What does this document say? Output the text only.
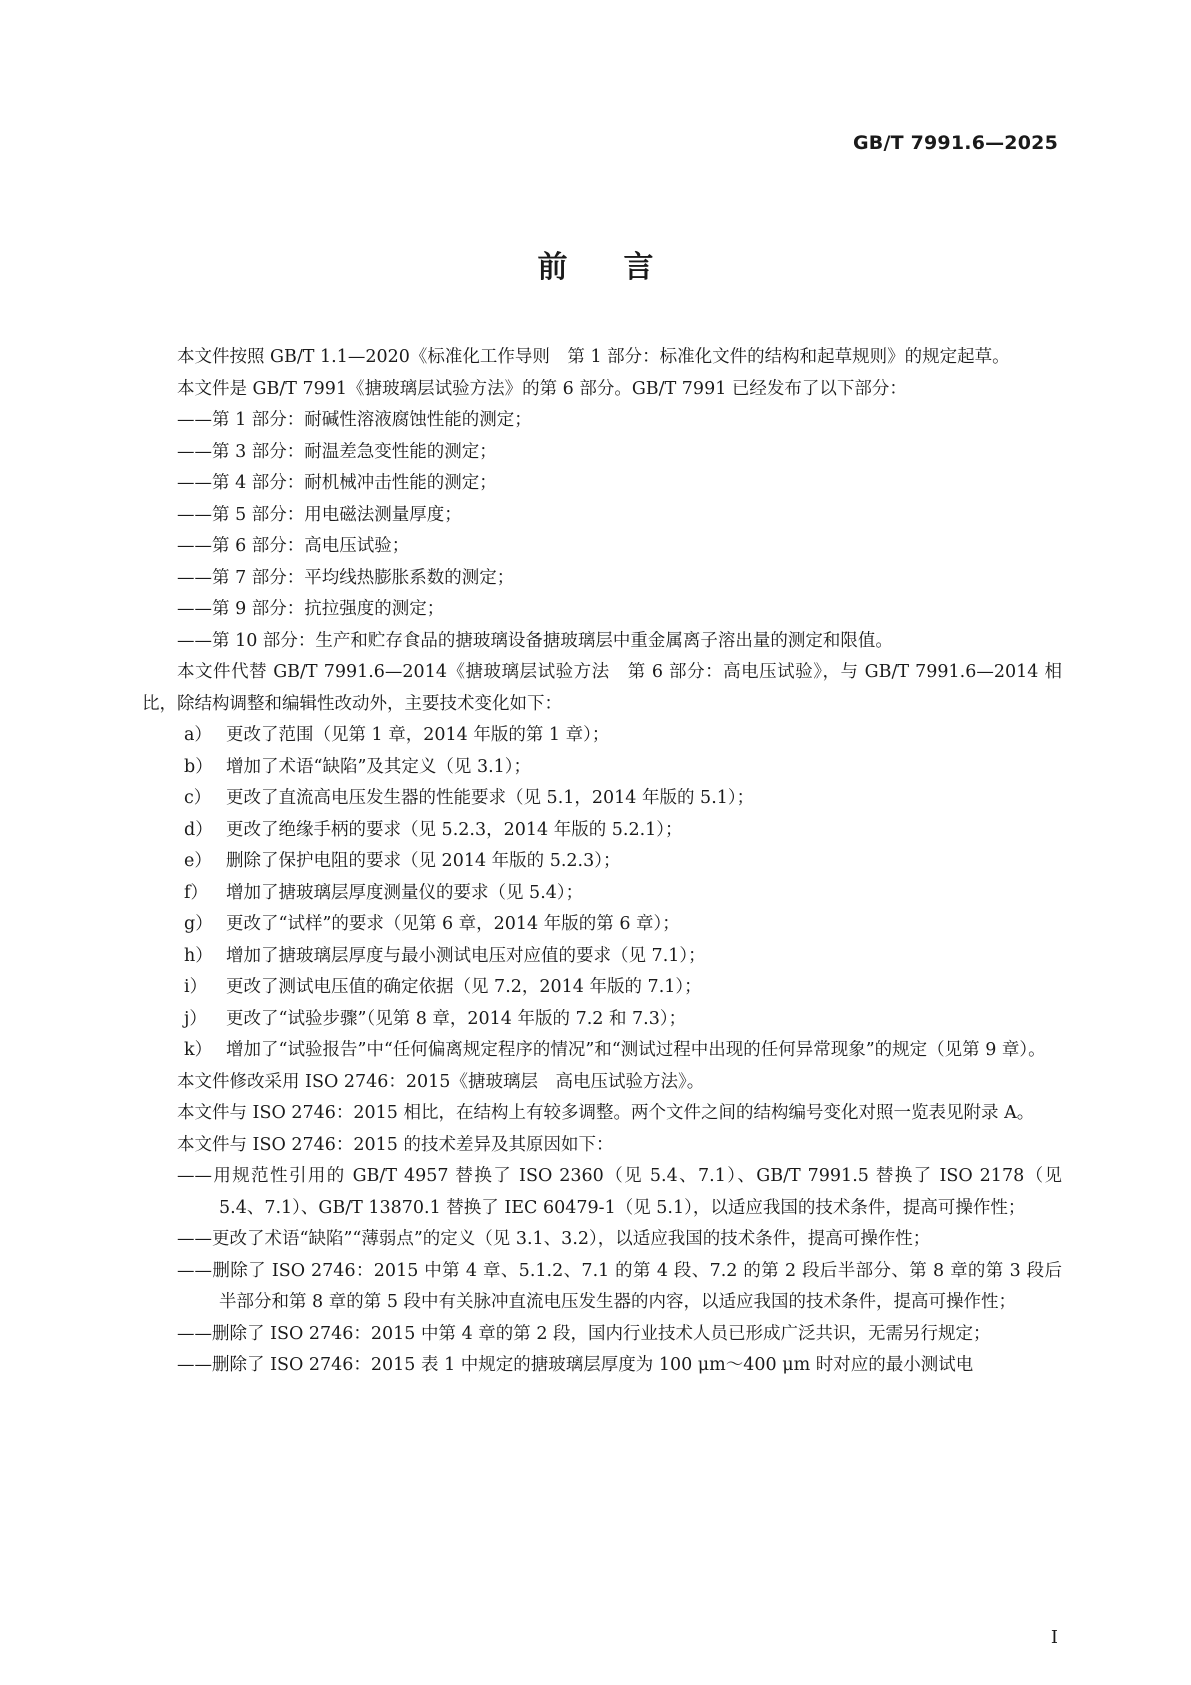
GB/T 7991.6—2025
前言
本文件按照 GB/T 1.1—2020《标准化工作导则　第 1 部分：标准化文件的结构和起草规则》的规定起草。
本文件是 GB/T 7991《搪玻璃层试验方法》的第 6 部分。GB/T 7991 已经发布了以下部分：
——第 1 部分：耐碱性溶液腐蚀性能的测定；
——第 3 部分：耐温差急变性能的测定；
——第 4 部分：耐机械冲击性能的测定；
——第 5 部分：用电磁法测量厚度；
——第 6 部分：高电压试验；
——第 7 部分：平均线热膨胀系数的测定；
——第 9 部分：抗拉强度的测定；
——第 10 部分：生产和贮存食品的搪玻璃设备搪玻璃层中重金属离子溶出量的测定和限值。
本文件代替 GB/T 7991.6—2014《搪玻璃层试验方法　第 6 部分：高电压试验》，与 GB/T 7991.6—2014 相比，除结构调整和编辑性改动外，主要技术变化如下：
a） 更改了范围（见第 1 章，2014 年版的第 1 章）；
b） 增加了术语“缺陷”及其定义（见 3.1）；
c） 更改了直流高电压发生器的性能要求（见 5.1，2014 年版的 5.1）；
d） 更改了绝缘手柄的要求（见 5.2.3，2014 年版的 5.2.1）；
e） 删除了保护电阻的要求（见 2014 年版的 5.2.3）；
f）	增加了搪玻璃层厚度测量仪的要求（见 5.4）；
g） 更改了“试样”的要求（见第 6 章，2014 年版的第 6 章）；
h） 增加了搪玻璃层厚度与最小测试电压对应值的要求（见 7.1）；
i）	更改了测试电压值的确定依据（见 7.2，2014 年版的 7.1）；
j）	更改了“试验步骤”（见第 8 章，2014 年版的 7.2 和 7.3）；
k） 增加了“试验报告”中“任何偏离规定程序的情况”和“测试过程中出现的任何异常现象”的规定（见第 9 章）。
本文件修改采用 ISO 2746：2015《搪玻璃层　高电压试验方法》。
本文件与 ISO 2746：2015 相比，在结构上有较多调整。两个文件之间的结构编号变化对照一览表见附录 A。
本文件与 ISO 2746：2015 的技术差异及其原因如下：
——用规范性引用的 GB/T 4957 替换了 ISO 2360（见 5.4、7.1）、GB/T 7991.5 替换了 ISO 2178（见 5.4、7.1）、GB/T 13870.1 替换了 IEC 60479-1（见 5.1），以适应我国的技术条件，提高可操作性；
——更改了术语“缺陷”“薄弱点”的定义（见 3.1、3.2），以适应我国的技术条件，提高可操作性；
——删除了 ISO 2746：2015 中第 4 章、5.1.2、7.1 的第 4 段、7.2 的第 2 段后半部分、第 8 章的第 3 段后半部分和第 8 章的第 5 段中有关脉冲直流电压发生器的内容，以适应我国的技术条件，提高可操作性；
——删除了 ISO 2746：2015 中第 4 章的第 2 段，国内行业技术人员已形成广泛共识，无需另行规定；
——删除了 ISO 2746：2015 表 1 中规定的搪玻璃层厚度为 100 μm～400 μm 时对应的最小测试电
I
